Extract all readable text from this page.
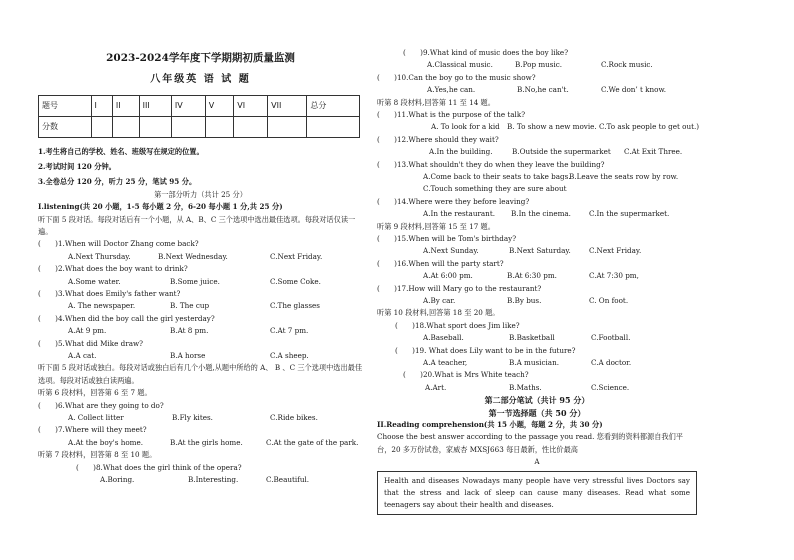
2023-2024学年度下学期期初质量监测
八年级英 语 试 题
题号	I	II	III	IV	V	VI	VII	总分
分数								
1.考生将自己的学校、姓名、班级写在规定的位置。
2.考试时间 120 分钟。
3.全卷总分 120 分，听力 25 分，笔试 95 分。
第一部分听力（共计 25 分）
I.listening(共 20 小题，1-5 每小题 2 分，6-20 每小题 1 分,共 25 分)
听下面 5 段对话。每段对话后有一个小题，从 A、B、C 三个选项中选出最佳选项。每段对话仅读一遍。
(　　)1.When will Doctor Zhang come back?
A.Next Thursday.	B.Next Wednesday.	C.Next Friday.
(　　)2.What does the boy want to drink?
A.Some water.	B.Some juice.	C.Some Coke.
(　　)3.What does Emily's father want?
A. The newspaper.	B. The cup	C.The glasses
(　　)4.When did the boy call the girl yesterday?
A.At 9 pm.	B.At 8 pm.	C.At 7 pm.
(　　)5.What did Mike draw?
A.A cat.	B.A horse	C.A sheep.
听下面 5 段对话或独白。每段对话或独白后有几个小题,从题中所给的 A、 B 、C 三个选项中选出最佳选项。每段对话或独白读两遍。
听第 6 段材料，回答第 6 至 7 题。
(　　)6.What are they going to do?
A. Collect litter	B.Fly kites.	C.Ride bikes.
(　　)7.Where will they meet?
A.At the boy's home.	B.At the girls home.	C.At the gate of the park.
听第 7 段材料，回答第 8 至 10 题。
(　　)8.What does the girl think of the opera?
A.Boring.	B.Interesting.	C.Beautiful.
(　　)9.What kind of music does the boy like?
A.Classical music.	B.Pop music.	C.Rock music.
(　　)10.Can the boy go to the music show?
A.Yes,he can.	B.No,he can't.	C.We don’ t know.
听第 8 段材料,回答第 11 至 14 题。
(　　)11.What is the purpose of the talk?
A. To look for a kid B. To show a new movie. C.To ask people to get out.)
(　　)12.Where should they wait?
A.In the building.	B.Outside the supermarket C.At Exit Three.
(　　)13.What shouldn't they do when they leave the building?
A.Come back to their seats to take bags.
B.Leave the seats row by row.
C.Touch something they are sure about
(　　)14.Where were they before leaving?
A.In the restaurant. B.In the cinema.	C.In the supermarket.
听第 9 段材料,回答第 15 至 17 题。
(　　)15.When will be Tom's birthday?
A.Next Sunday.	B.Next Saturday.	C.Next Friday.
(　　)16.When will the party start?
A.At 6:00 pm.	B.At 6:30 pm.	C.At 7:30 pm,
(　　)17.How will Mary go to the restaurant?
A.By car.	B.By bus.	C. On foot.
听第 10 段材料,回答第 18 至 20 题。
(　　)18.What sport does Jim like?
A.Baseball.	B.Basketball	C.Football.
(　　)19. What does Lily want to be in the future?
A.A teacher,	B.A musician.	C.A doctor.
(　　)20.What is Mrs White teach?
A.Art.	B.Maths.	C.Science.
第二部分笔试（共计 95 分）
第一节选择题（共 50 分）
II.Reading comprehension(共 15 小题，每题 2 分，共 30 分)
Choose the best answer according to the passage you read. 您看到的资料都源自我们平台，20 多万份试卷，家威杏 MXSJ663 每日最新，性比价最高
A
Health and diseases Nowadays many people have very stressful lives Doctors say that the stress and lack of sleep can cause many diseases. Read what some teenagers say about their health and diseases.
